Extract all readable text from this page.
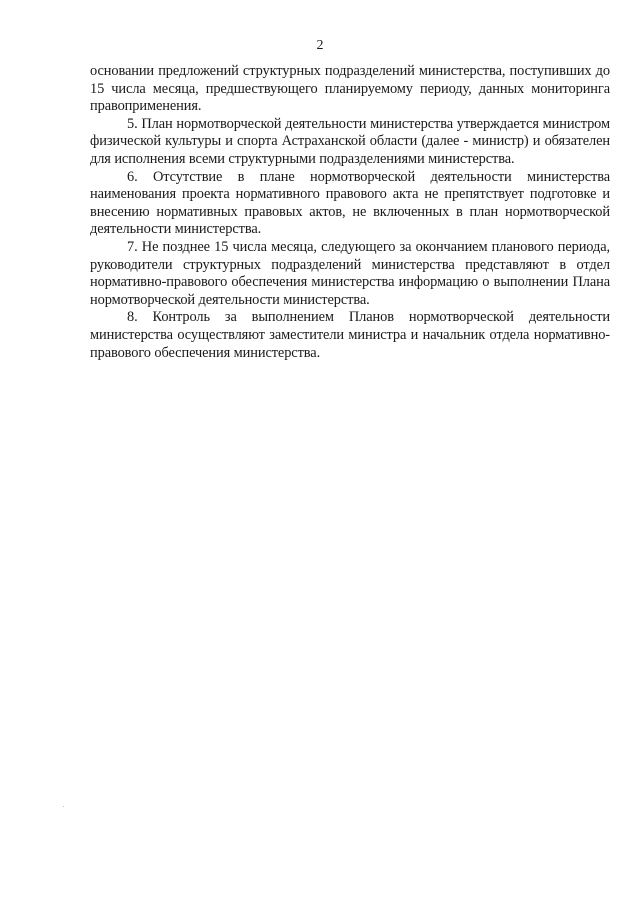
2

основании предложений структурных подразделений министерства, поступивших до 15 числа месяца, предшествующего планируемому периоду, данных мониторинга правоприменения.

5. План нормотворческой деятельности министерства утверждается министром физической культуры и спорта Астраханской области (далее - министр) и обязателен для исполнения всеми структурными подразделениями министерства.

6. Отсутствие в плане нормотворческой деятельности министерства наименования проекта нормативного правового акта не препятствует подготовке и внесению нормативных правовых актов, не включенных в план нормотворческой деятельности министерства.

7. Не позднее 15 числа месяца, следующего за окончанием планового периода, руководители структурных подразделений министерства представляют в отдел нормативно-правового обеспечения министерства информацию о выполнении Плана нормотворческой деятельности министерства.

8. Контроль за выполнением Планов нормотворческой деятельности министерства осуществляют заместители министра и начальник отдела нормативно-правового обеспечения министерства.
